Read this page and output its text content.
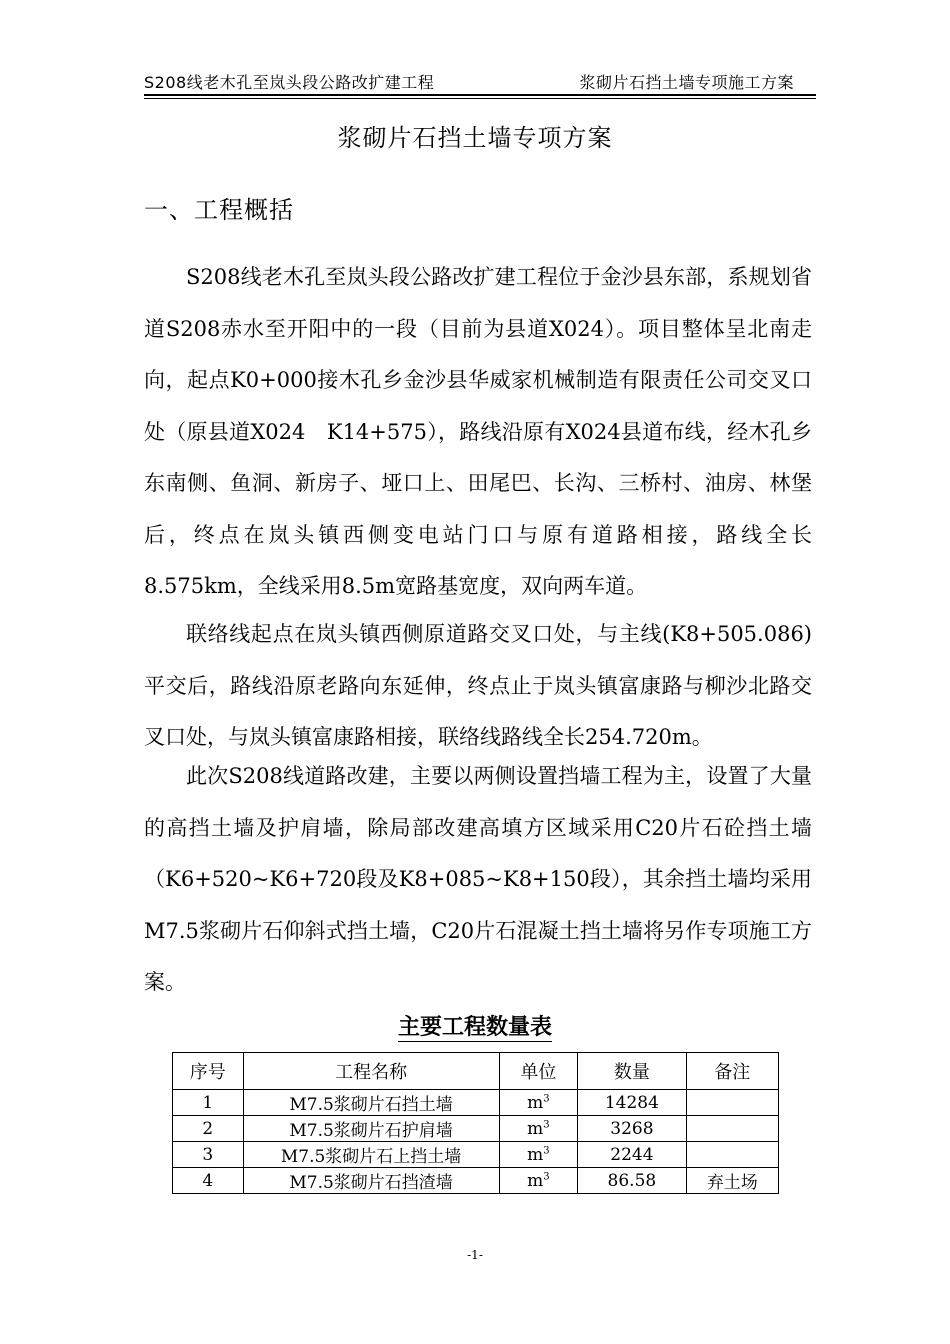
S208线老木孔至岚头段公路改扩建工程	浆砌片石挡土墙专项施工方案
浆砌片石挡土墙专项方案
一、工程概括

S208线老木孔至岚头段公路改扩建工程位于金沙县东部，系规划省道S208赤水至开阳中的一段（目前为县道X024）。项目整体呈北南走向，起点K0+000接木孔乡金沙县华威家机械制造有限责任公司交叉口处（原县道X024　K14+575），路线沿原有X024县道布线，经木孔乡东南侧、鱼洞、新房子、垭口上、田尾巴、长沟、三桥村、油房、林堡后，终点在岚头镇西侧变电站门口与原有道路相接，路线全长8.575km，全线采用8.5m宽路基宽度，双向两车道。

联络线起点在岚头镇西侧原道路交叉口处，与主线(K8+505.086)平交后，路线沿原老路向东延伸，终点止于岚头镇富康路与柳沙北路交叉口处，与岚头镇富康路相接，联络线路线全长254.720m。

此次S208线道路改建，主要以两侧设置挡墙工程为主，设置了大量的高挡土墙及护肩墙，除局部改建高填方区域采用C20片石砼挡土墙（K6+520~K6+720段及K8+085~K8+150段），其余挡土墙均采用M7.5浆砌片石仰斜式挡土墙，C20片石混凝土挡土墙将另作专项施工方案。

主要工程数量表
序号	工程名称	单位	数量	备注
1	M7.5浆砌片石挡土墙	$m^3$	14284	
2	M7.5浆砌片石护肩墙	$m^3$	3268	
3	M7.5浆砌片石上挡土墙	$m^3$	2244	
4	M7.5浆砌片石挡渣墙	$m^3$	86.58	弃土场
-1-
